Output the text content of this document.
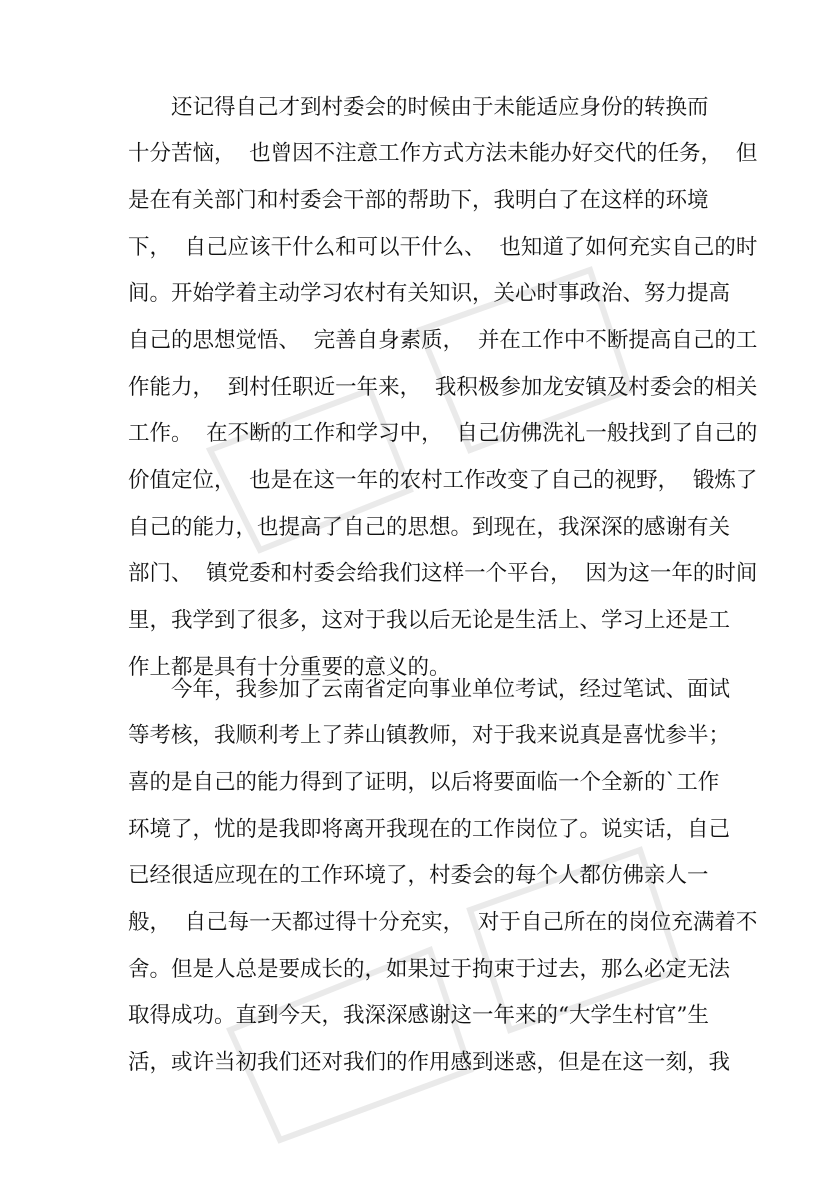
还记得自己才到村委会的时候由于未能适应身份的转换而
十分苦恼，  也曾因不注意工作方式方法未能办好交代的任务，  但
是在有关部门和村委会干部的帮助下，我明白了在这样的环境
下，  自己应该干什么和可以干什么、  也知道了如何充实自己的时
间。开始学着主动学习农村有关知识，关心时事政治、努力提高
自己的思想觉悟、  完善自身素质，  并在工作中不断提高自己的工
作能力，  到村任职近一年来，  我积极参加龙安镇及村委会的相关
工作。  在不断的工作和学习中，  自己仿佛洗礼一般找到了自己的
价值定位，  也是在这一年的农村工作改变了自己的视野，  锻炼了
自己的能力，也提高了自己的思想。到现在，我深深的感谢有关
部门、  镇党委和村委会给我们这样一个平台，  因为这一年的时间
里，我学到了很多，这对于我以后无论是生活上、学习上还是工
作上都是具有十分重要的意义的。
今年，我参加了云南省定向事业单位考试，经过笔试、面试
等考核，我顺利考上了荞山镇教师，对于我来说真是喜忧参半；
喜的是自己的能力得到了证明，以后将要面临一个全新的`工作
环境了，忧的是我即将离开我现在的工作岗位了。说实话，自己
已经很适应现在的工作环境了，村委会的每个人都仿佛亲人一
般，  自己每一天都过得十分充实，  对于自己所在的岗位充满着不
舍。但是人总是要成长的，如果过于拘束于过去，那么必定无法
取得成功。直到今天，我深深感谢这一年来的“大学生村官”生
活，或许当初我们还对我们的作用感到迷惑，但是在这一刻，我
